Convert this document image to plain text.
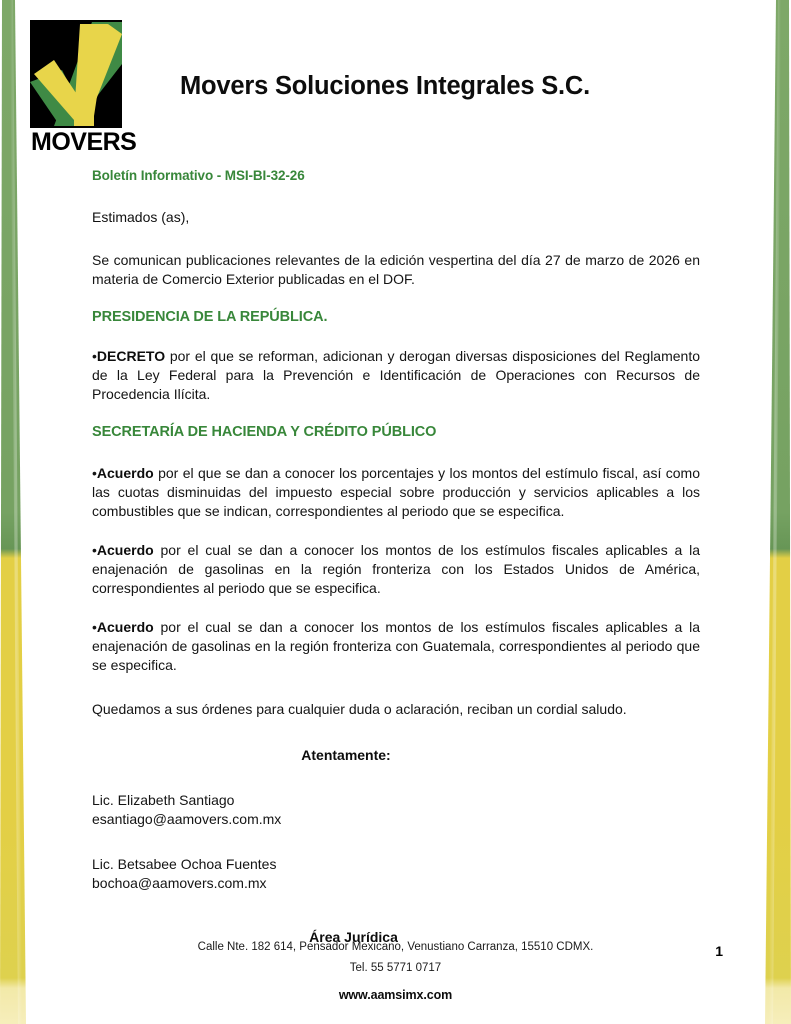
MOVERS
Movers Soluciones Integrales S.C.
Boletín Informativo - MSI-BI-32-26
Estimados (as),

Se comunican publicaciones relevantes de la edición vespertina del día 27 de marzo de 2026 en materia de Comercio Exterior publicadas en el DOF.

PRESIDENCIA DE LA REPÚBLICA.

•DECRETO por el que se reforman, adicionan y derogan diversas disposiciones del Reglamento de la Ley Federal para la Prevención e Identificación de Operaciones con Recursos de Procedencia Ilícita.

SECRETARÍA DE HACIENDA Y CRÉDITO PÚBLICO

•Acuerdo por el que se dan a conocer los porcentajes y los montos del estímulo fiscal, así como las cuotas disminuidas del impuesto especial sobre producción y servicios aplicables a los combustibles que se indican, correspondientes al periodo que se especifica.

•Acuerdo por el cual se dan a conocer los montos de los estímulos fiscales aplicables a la enajenación de gasolinas en la región fronteriza con los Estados Unidos de América, correspondientes al periodo que se especifica.

•Acuerdo por el cual se dan a conocer los montos de los estímulos fiscales aplicables a la enajenación de gasolinas en la región fronteriza con Guatemala, correspondientes al periodo que se especifica.

Quedamos a sus órdenes para cualquier duda o aclaración, reciban un cordial saludo.
Atentamente:
Lic. Elizabeth Santiago
esantiago@aamovers.com.mx
Lic. Betsabee Ochoa Fuentes
bochoa@aamovers.com.mx
Área Jurídica
Calle Nte. 182 614, Pensador Mexicano, Venustiano Carranza, 15510 CDMX.
Tel. 55 5771 0717
www.aamsimx.com
1
